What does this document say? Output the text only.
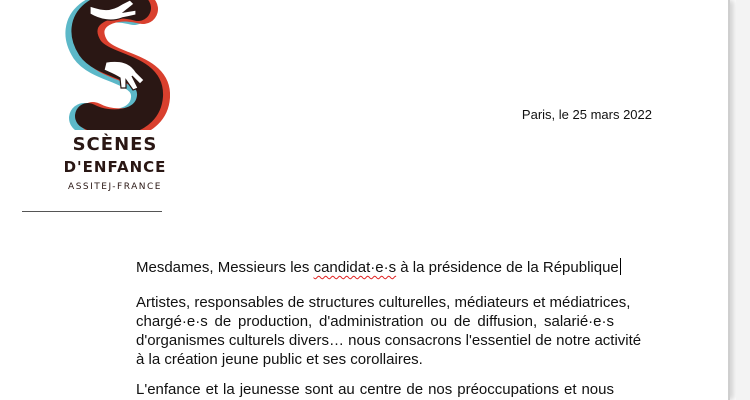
SCÈNES
D'ENFANCE
ASSITEJ-FRANCE
Paris, le 25 mars 2022
Mesdames, Messieurs les candidat·e·s à la présidence de la République
Artistes, responsables de structures culturelles, médiateurs et médiatrices,
chargé·e·s de production, d'administration ou de diffusion, salarié·e·s
d'organismes culturels divers… nous consacrons l'essentiel de notre activité
à la création jeune public et ses corollaires.
L'enfance et la jeunesse sont au centre de nos préoccupations et nous
